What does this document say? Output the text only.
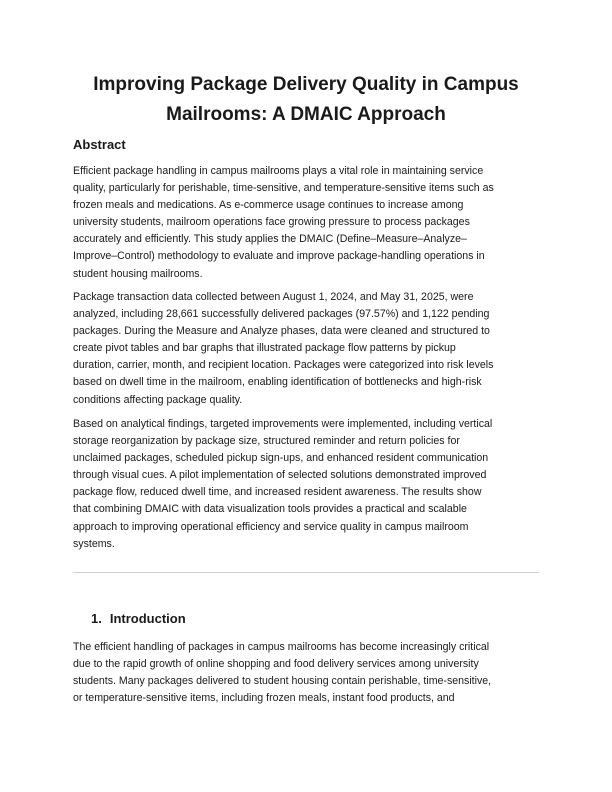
Improving Package Delivery Quality in Campus
Mailrooms: A DMAIC Approach
Abstract

Efficient package handling in campus mailrooms plays a vital role in maintaining service
quality, particularly for perishable, time-sensitive, and temperature-sensitive items such as
frozen meals and medications. As e-commerce usage continues to increase among
university students, mailroom operations face growing pressure to process packages
accurately and efficiently. This study applies the DMAIC (Define–Measure–Analyze–
Improve–Control) methodology to evaluate and improve package-handling operations in
student housing mailrooms.

Package transaction data collected between August 1, 2024, and May 31, 2025, were
analyzed, including 28,661 successfully delivered packages (97.57%) and 1,122 pending
packages. During the Measure and Analyze phases, data were cleaned and structured to
create pivot tables and bar graphs that illustrated package flow patterns by pickup
duration, carrier, month, and recipient location. Packages were categorized into risk levels
based on dwell time in the mailroom, enabling identification of bottlenecks and high-risk
conditions affecting package quality.

Based on analytical findings, targeted improvements were implemented, including vertical
storage reorganization by package size, structured reminder and return policies for
unclaimed packages, scheduled pickup sign-ups, and enhanced resident communication
through visual cues. A pilot implementation of selected solutions demonstrated improved
package flow, reduced dwell time, and increased resident awareness. The results show
that combining DMAIC with data visualization tools provides a practical and scalable
approach to improving operational efficiency and service quality in campus mailroom
systems.

1. Introduction

The efficient handling of packages in campus mailrooms has become increasingly critical
due to the rapid growth of online shopping and food delivery services among university
students. Many packages delivered to student housing contain perishable, time-sensitive,
or temperature-sensitive items, including frozen meals, instant food products, and
